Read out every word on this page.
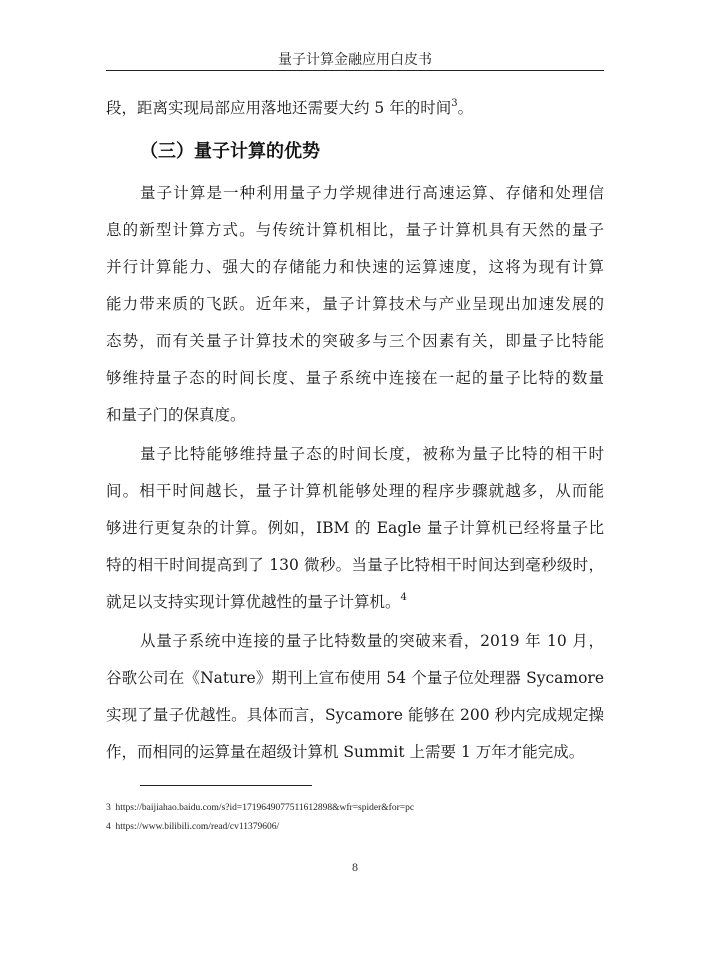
量子计算金融应用白皮书
段，距离实现局部应用落地还需要大约 5 年的时间$^3$。
（三）量子计算的优势
量子计算是一种利用量子力学规律进行高速运算、存储和处理信
息的新型计算方式。与传统计算机相比，量子计算机具有天然的量子
并行计算能力、强大的存储能力和快速的运算速度，这将为现有计算
能力带来质的飞跃。近年来，量子计算技术与产业呈现出加速发展的
态势，而有关量子计算技术的突破多与三个因素有关，即量子比特能
够维持量子态的时间长度、量子系统中连接在一起的量子比特的数量
和量子门的保真度。
量子比特能够维持量子态的时间长度，被称为量子比特的相干时
间。相干时间越长，量子计算机能够处理的程序步骤就越多，从而能
够进行更复杂的计算。例如，IBM 的 Eagle 量子计算机已经将量子比
特的相干时间提高到了 130 微秒。当量子比特相干时间达到毫秒级时，
就足以支持实现计算优越性的量子计算机。$^4$
从量子系统中连接的量子比特数量的突破来看，2019 年 10 月，
谷歌公司在《Nature》期刊上宣布使用 54 个量子位处理器 Sycamore
实现了量子优越性。具体而言，Sycamore 能够在 200 秒内完成规定操
作，而相同的运算量在超级计算机 Summit 上需要 1 万年才能完成。
3 https://baijiahao.baidu.com/s?id=1719649077511612898&wfr=spider&for=pc
4 https://www.bilibili.com/read/cv11379606/
8
